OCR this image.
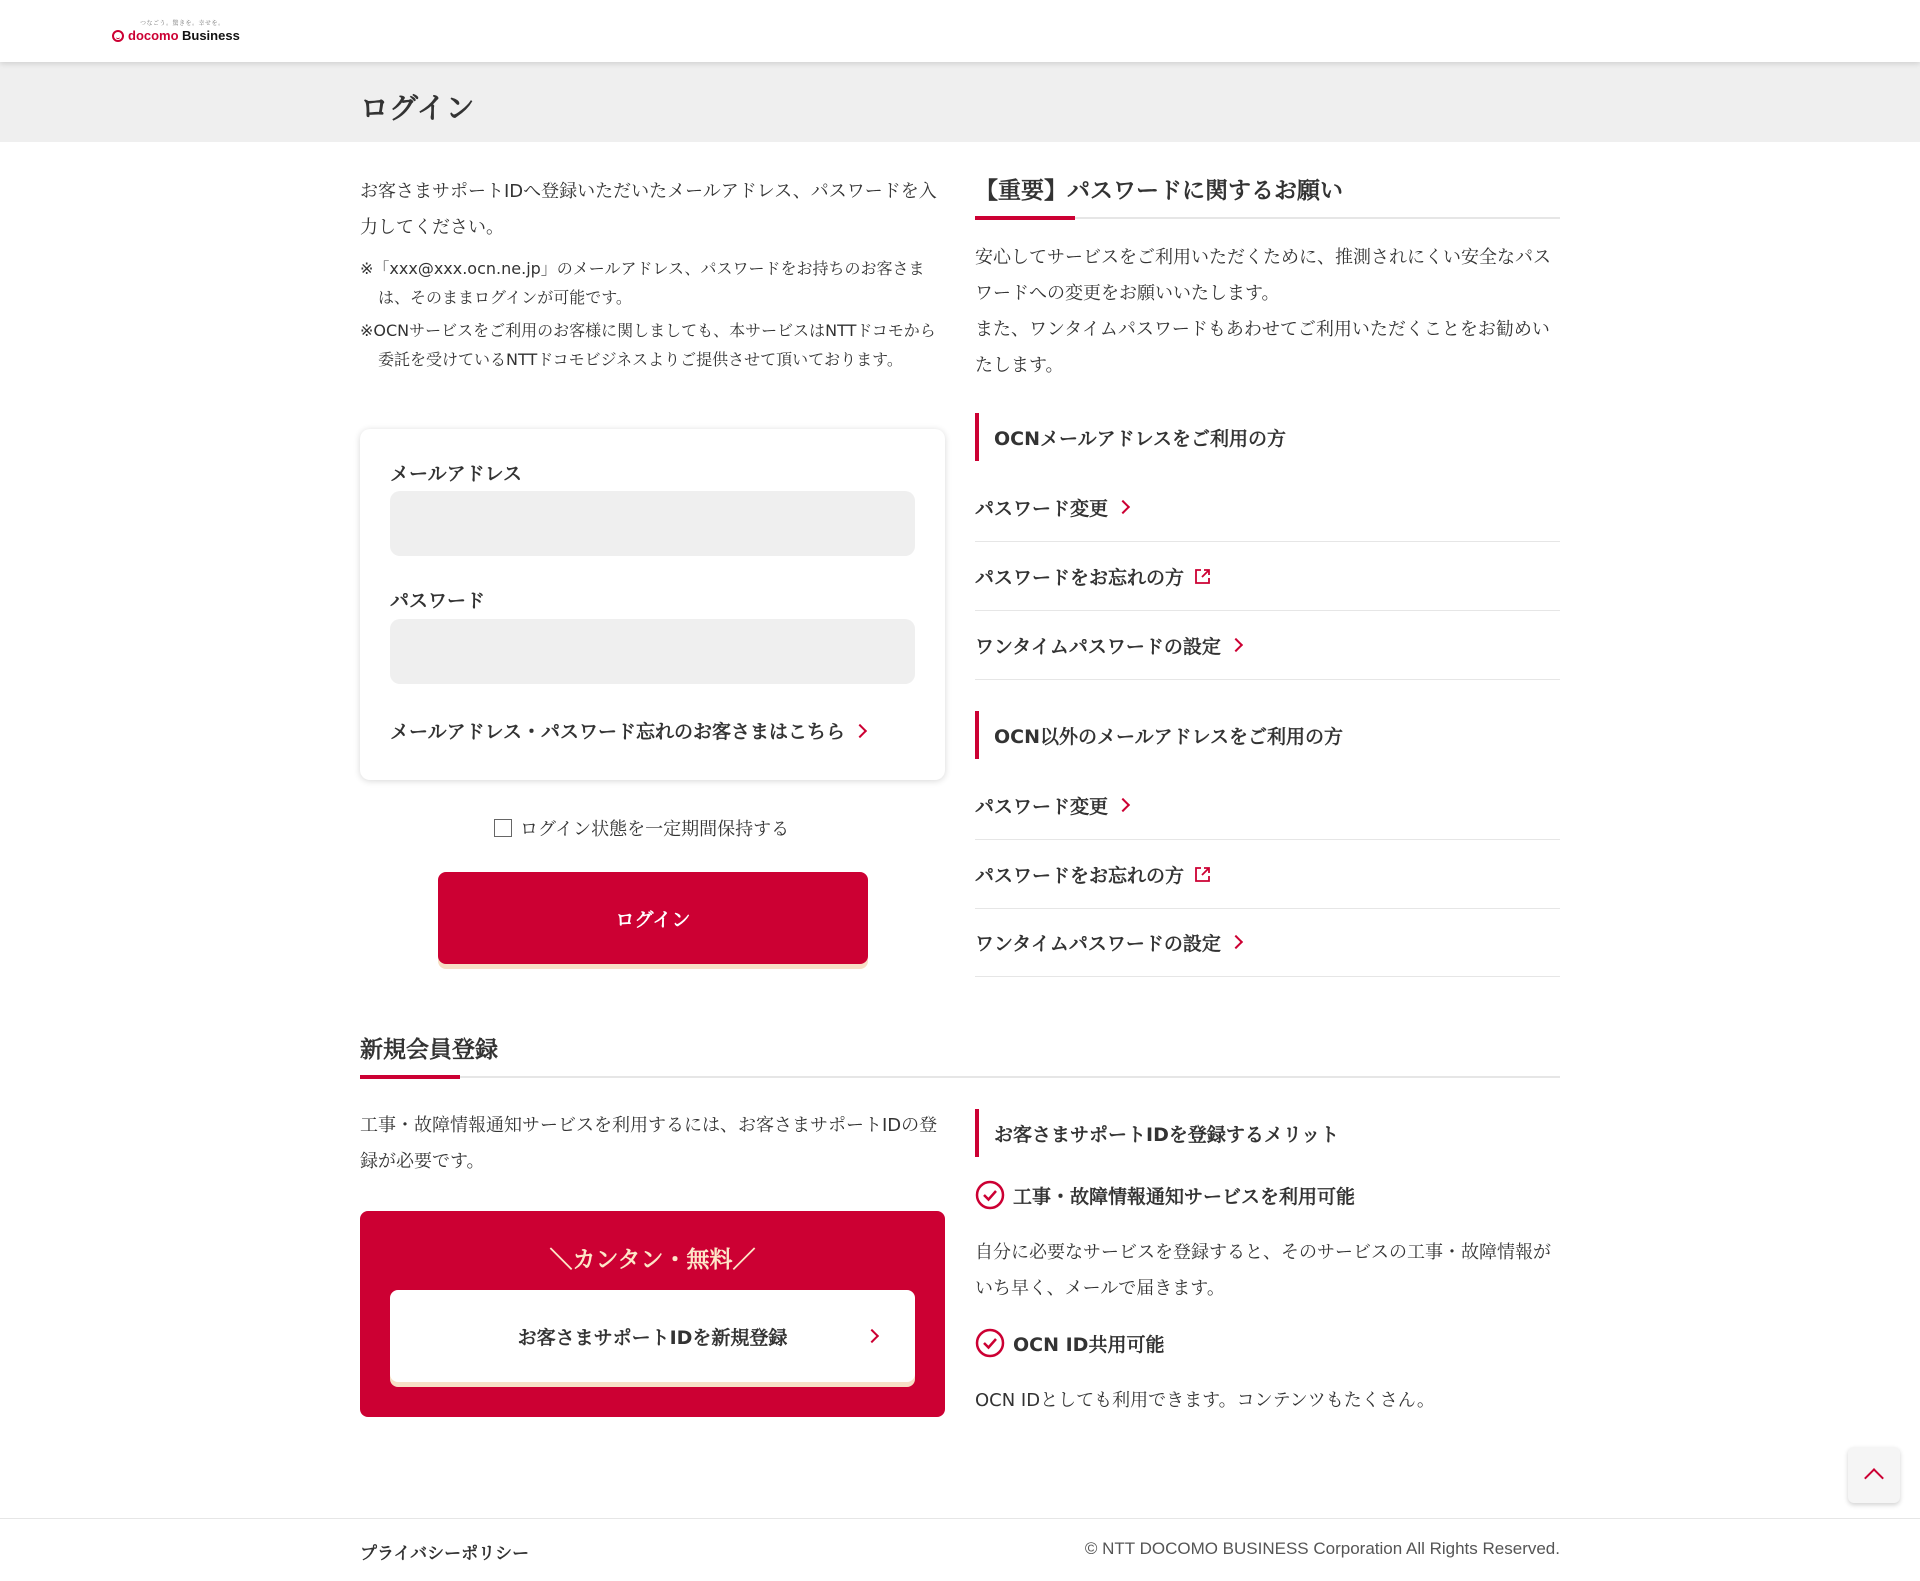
つなごう。驚きを。幸せを。
docomo Business
ログイン

お客さまサポートIDへ登録いただいたメールアドレス、パスワードを入力してください。

※「xxx@xxx.ocn.ne.jp」のメールアドレス、パスワードをお持ちのお客さまは、そのままログインが可能です。

※OCNサービスをご利用のお客様に関しましても、本サービスはNTTドコモから委託を受けているNTTドコモビジネスよりご提供させて頂いております。

メールアドレス
パスワード
メールアドレス・パスワード忘れのお客さまはこちら
ログイン状態を一定期間保持する
ログイン
【重要】パスワードに関するお願い

安心してサービスをご利用いただくために、推測されにくい安全なパスワードへの変更をお願いいたします。

また、ワンタイムパスワードもあわせてご利用いただくことをお勧めいたします。

OCNメールアドレスをご利用の方
パスワード変更
パスワードをお忘れの方
ワンタイムパスワードの設定
OCN以外のメールアドレスをご利用の方
パスワード変更
パスワードをお忘れの方
ワンタイムパスワードの設定
新規会員登録

工事・故障情報通知サービスを利用するには、お客さまサポートIDの登録が必要です。

＼カンタン・無料／
お客さまサポートIDを新規登録
お客さまサポートIDを登録するメリット
工事・故障情報通知サービスを利用可能

自分に必要なサービスを登録すると、そのサービスの工事・故障情報がいち早く、メールで届きます。

OCN ID共用可能

OCN IDとしても利用できます。コンテンツもたくさん。

プライバシーポリシー	© NTT DOCOMO BUSINESS Corporation All Rights Reserved.
